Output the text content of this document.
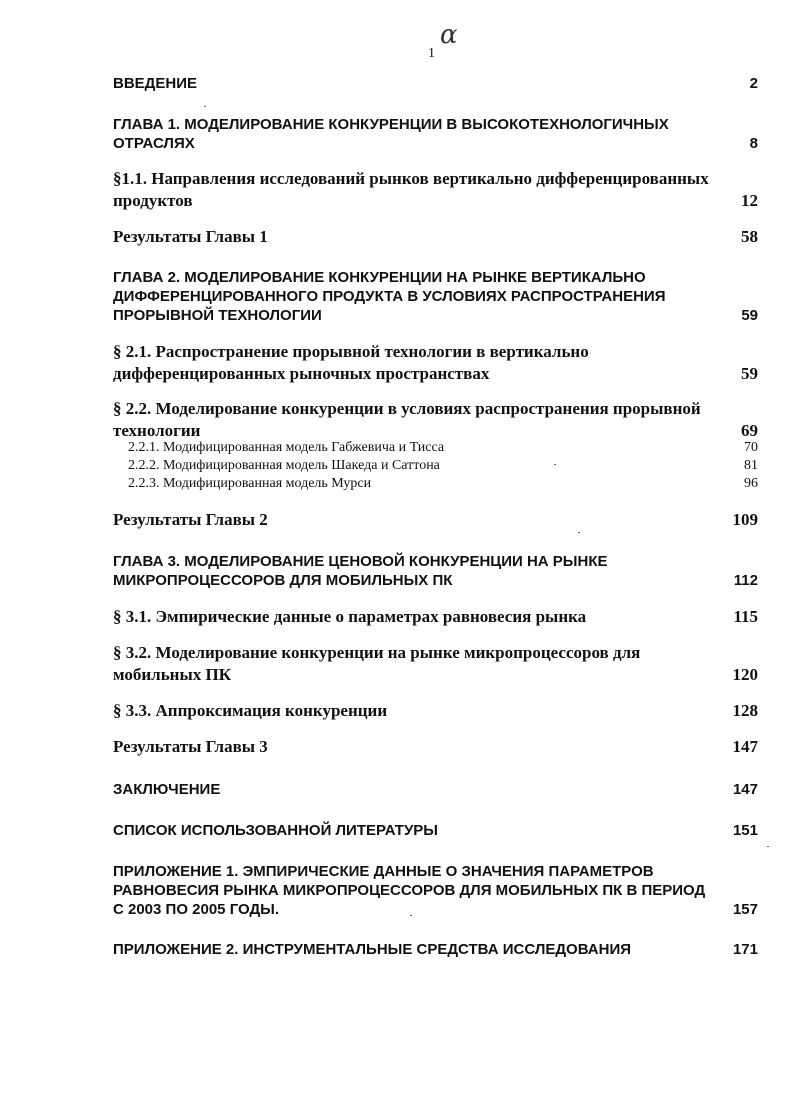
α
1
ВВЕДЕНИЕ	2
ГЛАВА 1. МОДЕЛИРОВАНИЕ КОНКУРЕНЦИИ В ВЫСОКОТЕХНОЛОГИЧНЫХ ОТРАСЛЯХ	8
§1.1. Направления исследований рынков вертикально дифференцированных продуктов	12
Результаты Главы 1	58
ГЛАВА 2. МОДЕЛИРОВАНИЕ КОНКУРЕНЦИИ НА РЫНКЕ ВЕРТИКАЛЬНО ДИФФЕРЕНЦИРОВАННОГО ПРОДУКТА В УСЛОВИЯХ РАСПРОСТРАНЕНИЯ ПРОРЫВНОЙ ТЕХНОЛОГИИ	59
§ 2.1. Распространение прорывной технологии в вертикально дифференцированных рыночных пространствах	59
§ 2.2. Моделирование конкуренции в условиях распространения прорывной технологии	69
2.2.1. Модифицированная модель Габжевича и Тисса	70
2.2.2. Модифицированная модель Шакеда и Саттона	81
2.2.3. Модифицированная модель Мурси	96
Результаты Главы 2	109
ГЛАВА 3. МОДЕЛИРОВАНИЕ ЦЕНОВОЙ КОНКУРЕНЦИИ НА РЫНКЕ МИКРОПРОЦЕССОРОВ ДЛЯ МОБИЛЬНЫХ ПК	112
§ 3.1. Эмпирические данные о параметрах равновесия рынка	115
§ 3.2. Моделирование конкуренции на рынке микропроцессоров для мобильных ПК	120
§ 3.3. Аппроксимация конкуренции	128
Результаты Главы 3	147
ЗАКЛЮЧЕНИЕ	147
СПИСОК ИСПОЛЬЗОВАННОЙ ЛИТЕРАТУРЫ	151
ПРИЛОЖЕНИЕ 1. ЭМПИРИЧЕСКИЕ ДАННЫЕ О ЗНАЧЕНИЯ ПАРАМЕТРОВ РАВНОВЕСИЯ РЫНКА МИКРОПРОЦЕССОРОВ ДЛЯ МОБИЛЬНЫХ ПК В ПЕРИОД С 2003 ПО 2005 ГОДЫ.	157
ПРИЛОЖЕНИЕ 2. ИНСТРУМЕНТАЛЬНЫЕ СРЕДСТВА ИССЛЕДОВАНИЯ	171
